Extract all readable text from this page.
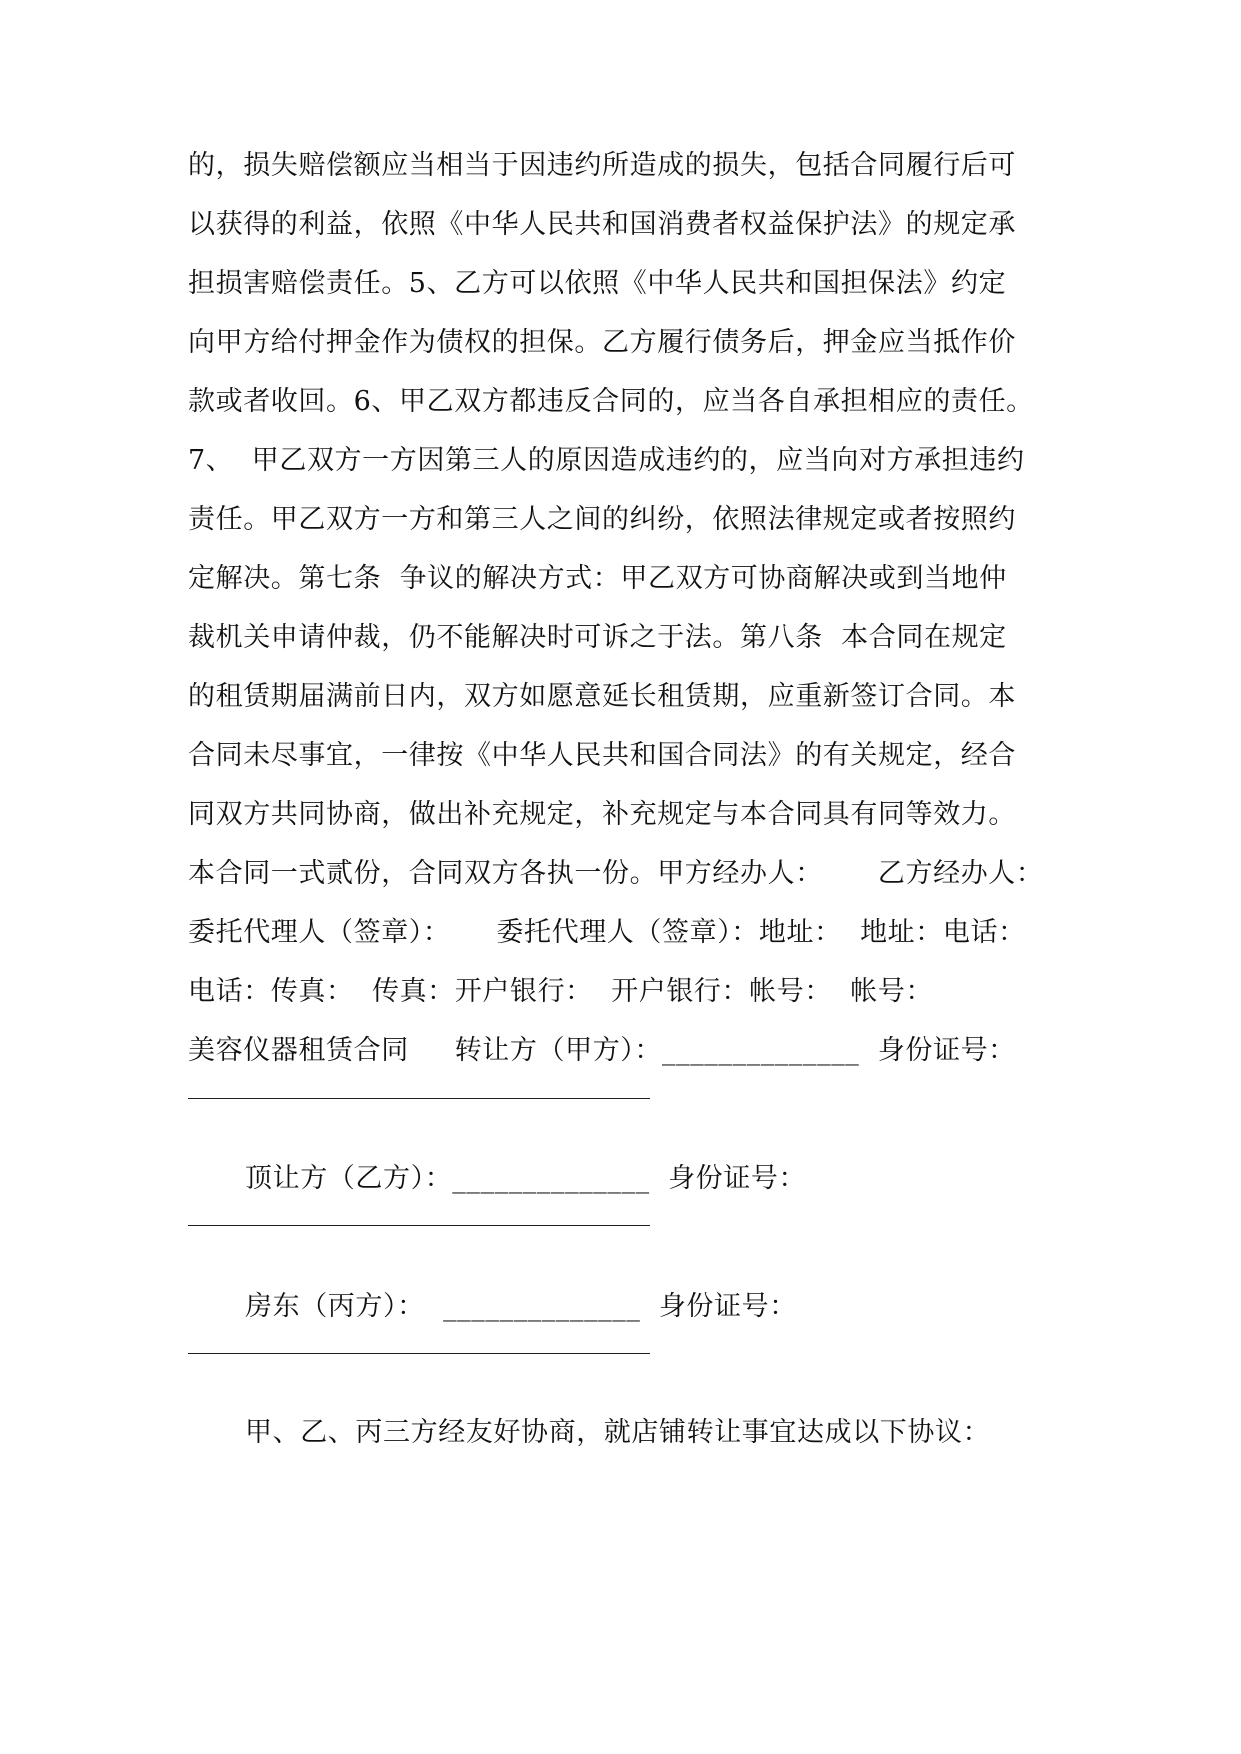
的，损失赔偿额应当相当于因违约所造成的损失，包括合同履行后可
以获得的利益，依照《中华人民共和国消费者权益保护法》的规定承
担损害赔偿责任。5、乙方可以依照《中华人民共和国担保法》约定
向甲方给付押金作为债权的担保。乙方履行债务后，押金应当抵作价
款或者收回。6、甲乙双方都违反合同的，应当各自承担相应的责任。
7、  甲乙双方一方因第三人的原因造成违约的，应当向对方承担违约
责任。甲乙双方一方和第三人之间的纠纷，依照法律规定或者按照约
定解决。第七条  争议的解决方式：甲乙双方可协商解决或到当地仲
裁机关申请仲裁，仍不能解决时可诉之于法。第八条  本合同在规定
的租赁期届满前日内，双方如愿意延长租赁期，应重新签订合同。本
合同未尽事宜，一律按《中华人民共和国合同法》的有关规定，经合
同双方共同协商，做出补充规定，补充规定与本合同具有同等效力。
本合同一式贰份，合同双方各执一份。甲方经办人：      乙方经办人：
委托代理人（签章）：     委托代理人（签章）：地址：  地址：电话：
电话：传真：  传真：开户银行：  开户银行：帐号：  帐号：
美容仪器租赁合同     转让方（甲方）：______________  身份证号：
顶让方（乙方）：______________  身份证号：
房东（丙方）：  ______________  身份证号：
甲、乙、丙三方经友好协商，就店铺转让事宜达成以下协议：
